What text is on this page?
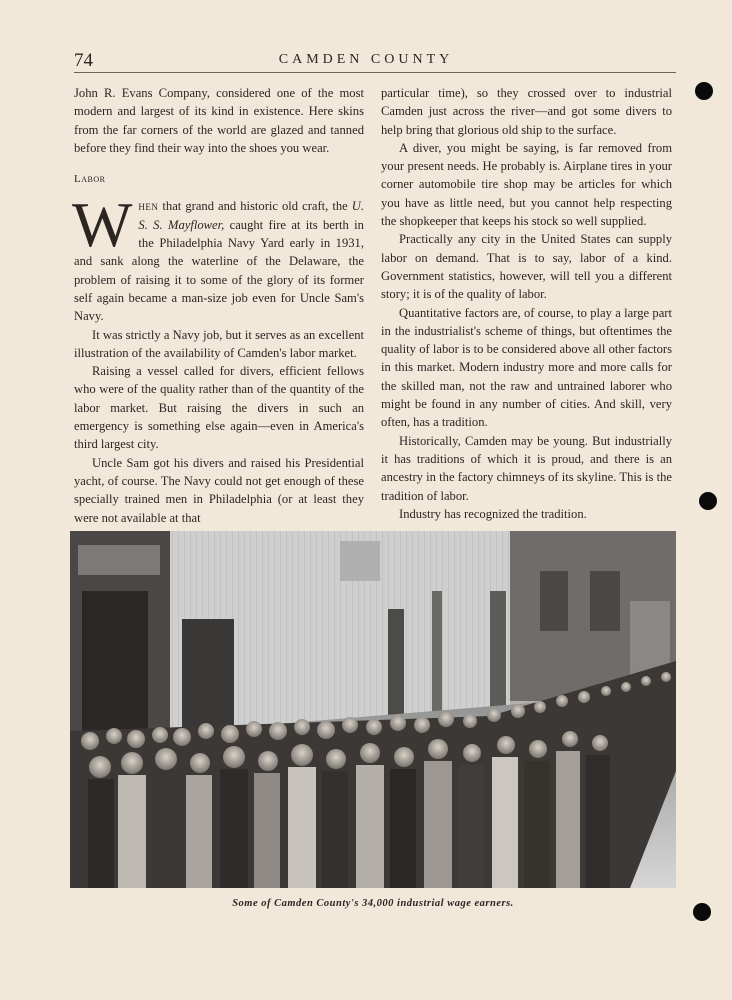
74	CAMDEN COUNTY

John R. Evans Company, considered one of the most modern and largest of its kind in existence. Here skins from the far corners of the world are glazed and tanned before they find their way into the shoes you wear.

Labor

When that grand and historic old craft, the U. S. S. Mayflower, caught fire at its berth in the Philadelphia Navy Yard early in 1931, and sank along the waterline of the Delaware, the problem of raising it to some of the glory of its former self again became a man-size job even for Uncle Sam's Navy.

It was strictly a Navy job, but it serves as an excellent illustration of the availability of Camden's labor market.

Raising a vessel called for divers, efficient fellows who were of the quality rather than of the quantity of the labor market. But raising the divers in such an emergency is something else again—even in America's third largest city.

Uncle Sam got his divers and raised his Presidential yacht, of course. The Navy could not get enough of these specially trained men in Philadelphia (or at least they were not available at that

particular time), so they crossed over to industrial Camden just across the river—and got some divers to help bring that glorious old ship to the surface.

A diver, you might be saying, is far removed from your present needs. He probably is. Airplane tires in your corner automobile tire shop may be articles for which you have as little need, but you cannot help respecting the shopkeeper that keeps his stock so well supplied.

Practically any city in the United States can supply labor on demand. That is to say, labor of a kind. Government statistics, however, will tell you a different story; it is of the quality of labor.

Quantitative factors are, of course, to play a large part in the industrialist's scheme of things, but oftentimes the quality of labor is to be considered above all other factors in this market. Modern industry more and more calls for the skilled man, not the raw and untrained laborer who might be found in any number of cities. And skill, very often, has a tradition.

Historically, Camden may be young. But industrially it has traditions of which it is proud, and there is an ancestry in the factory chimneys of its skyline. This is the tradition of labor.

Industry has recognized the tradition.

Some of Camden County's 34,000 industrial wage earners.
